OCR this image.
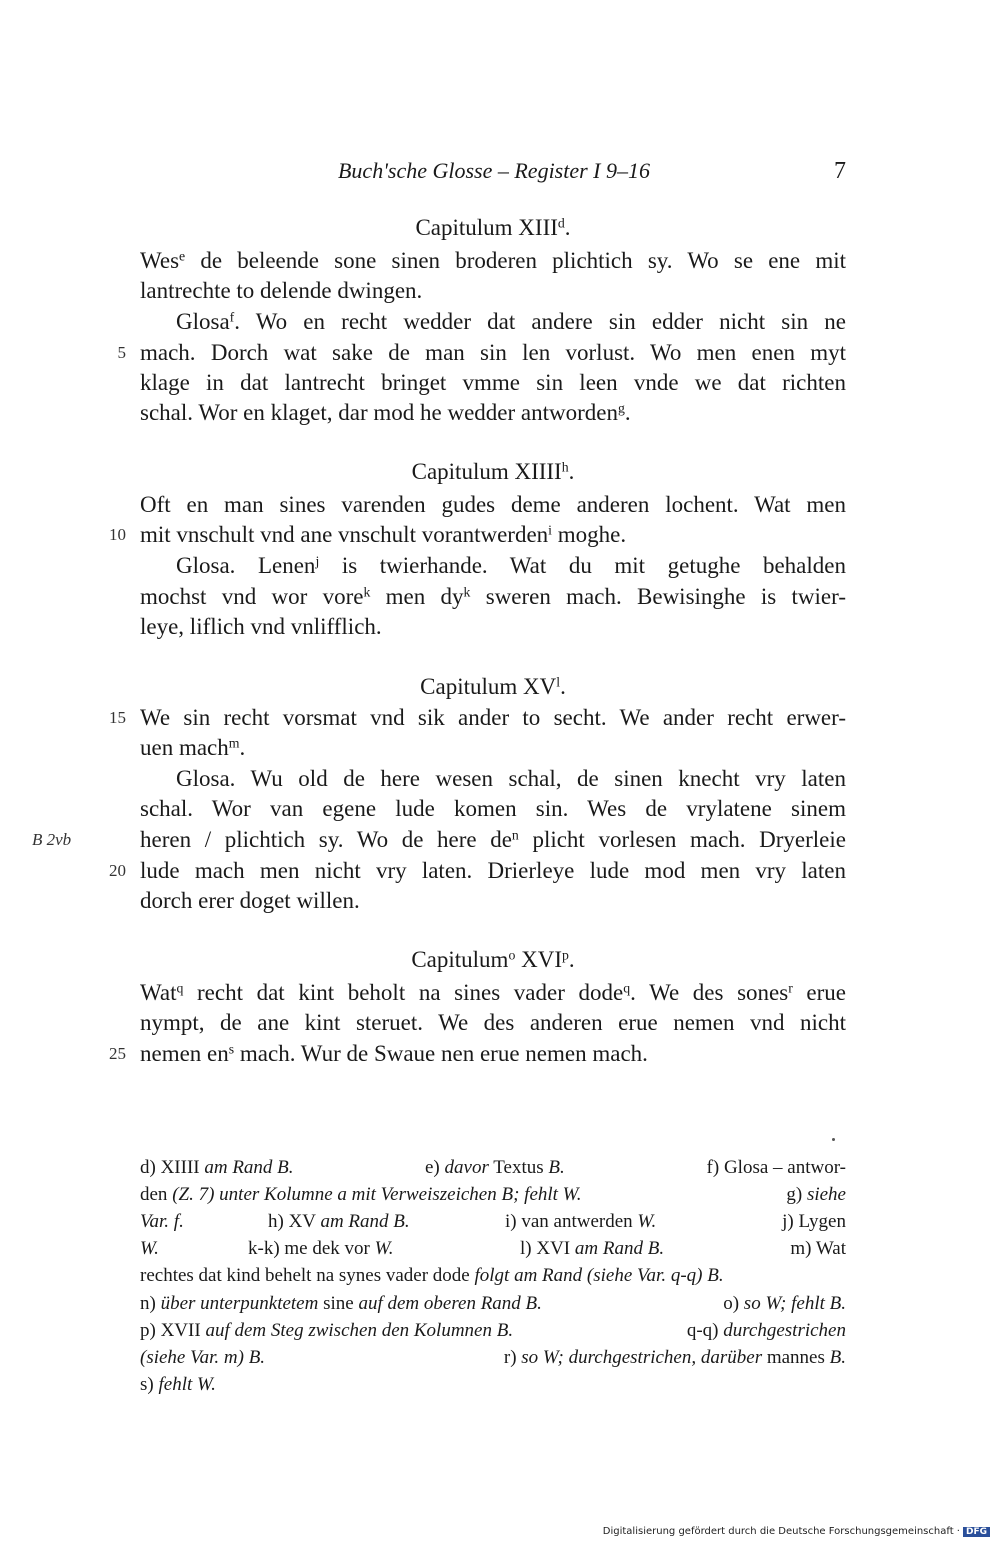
Buch'sche Glosse – Register I 9–16	7
Capitulum XIII$^d$.
Wes$^e$ de beleende sone sinen broderen plichtich sy. Wo se ene mit
lantrechte to delende dwingen.
Glosa$^f$. Wo en recht wedder dat andere sin edder nicht sin ne
5 mach. Dorch wat sake de man sin len vorlust. Wo men enen myt
klage in dat lantrecht bringet vmme sin leen vnde we dat richten
schal. Wor en klaget, dar mod he wedder antworden$^g$.
Capitulum XIIII$^h$.
Oft en man sines varenden gudes deme anderen lochent. Wat men
10 mit vnschult vnd ane vnschult vorantwerden$^i$ moghe.
Glosa. Lenen$^j$ is twierhande. Wat du mit getughe behalden
mochst vnd wor vore$^k$ men $dy^k$ sweren mach. Bewisinghe is twier-
leye, liflich vnd vnlifflich.
Capitulum $XV^l$.
15 We sin recht vorsmat vnd sik ander to secht. We ander recht erwer-
uen mach$^m$.
Glosa. Wu old de here wesen schal, de sinen knecht vry laten
schal. Wor van egene lude komen sin. Wes de vrylatene sinem
B 2vb	heren / plichtich sy. Wo de here $de^n$ plicht vorlesen mach. Dryerleie
20 lude mach men nicht vry laten. Drierleye lude mod men vry laten
dorch erer doget willen.
Capitulum$^o$ XVI$^p$.
Wat$^q$ recht dat kint beholt na sines vader dode$^q$. We des sones$^r$ erue
nympt, de ane kint steruet. We des anderen erue nemen vnd nicht
25 nemen $en^s$ mach. Wur de Swaue nen erue nemen mach.
d) XIIII am Rand B.	e) davor Textus B.	f) Glosa – antwor-
den (Z. 7) unter Kolumne a mit Verweiszeichen B; fehlt W.	g) siehe
Var. f.	h) XV am Rand B.	i) van antwerden W.	j) Lygen
W.	k-k) me dek vor W.	l) XVI am Rand B.	m) Wat
rechtes dat kind behelt na synes vader dode folgt am Rand (siehe Var. q-q) B.
n) über unterpunktetem sine auf dem oberen Rand B.	o) so W; fehlt B.
p) XVII auf dem Steg zwischen den Kolumnen B.	q-q) durchgestrichen
(siehe Var. m) B.	r) so W; durchgestrichen, darüber mannes B.
s) fehlt W.
Digitalisierung gefördert durch die Deutsche Forschungsgemeinschaft · DFG
